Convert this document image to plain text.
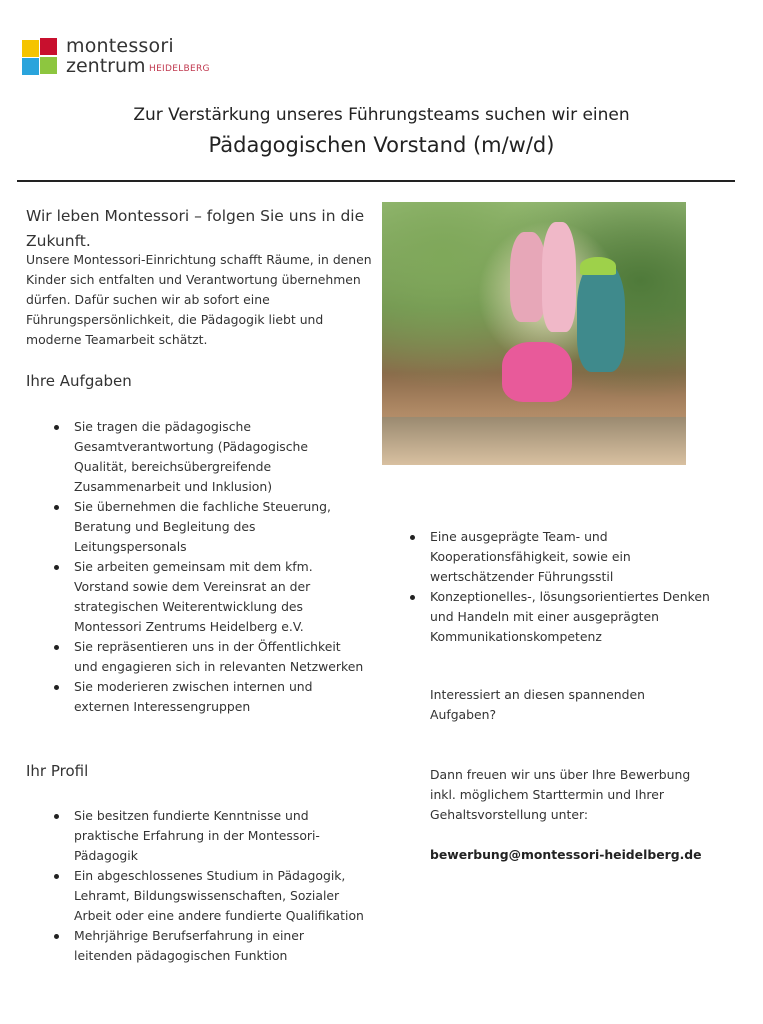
montessori
zentrum HEIDELBERG
Zur Verstärkung unseres Führungsteams suchen wir einen
Pädagogischen Vorstand (m/w/d)
Wir leben Montessori – folgen Sie uns in die Zukunft.
Unsere Montessori-Einrichtung schafft Räume, in denen Kinder sich entfalten und Verantwortung übernehmen dürfen. Dafür suchen wir ab sofort eine Führungspersönlichkeit, die Pädagogik liebt und moderne Teamarbeit schätzt.
Ihre Aufgaben
Sie tragen die pädagogische Gesamtverantwortung (Pädagogische Qualität, bereichsübergreifende Zusammenarbeit und Inklusion)
Sie übernehmen die fachliche Steuerung, Beratung und Begleitung des Leitungspersonals
Sie arbeiten gemeinsam mit dem kfm. Vorstand sowie dem Vereinsrat an der strategischen Weiterentwicklung des Montessori Zentrums Heidelberg e.V.
Sie repräsentieren uns in der Öffentlichkeit und engagieren sich in relevanten Netzwerken
Sie moderieren zwischen internen und externen Interessengruppen
Ihr Profil
Sie besitzen fundierte Kenntnisse und praktische Erfahrung in der Montessori-Pädagogik
Ein abgeschlossenes Studium in Pädagogik, Lehramt, Bildungswissenschaften, Sozialer Arbeit oder eine andere fundierte Qualifikation
Mehrjährige Berufserfahrung in einer leitenden pädagogischen Funktion
Eine ausgeprägte Team- und Kooperationsfähigkeit, sowie ein wertschätzender Führungsstil
Konzeptionelles-, lösungsorientiertes Denken und Handeln mit einer ausgeprägten Kommunikationskompetenz
Interessiert an diesen spannenden Aufgaben?
Dann freuen wir uns über Ihre Bewerbung inkl. möglichem Starttermin und Ihrer Gehaltsvorstellung unter:
bewerbung@montessori-heidelberg.de
